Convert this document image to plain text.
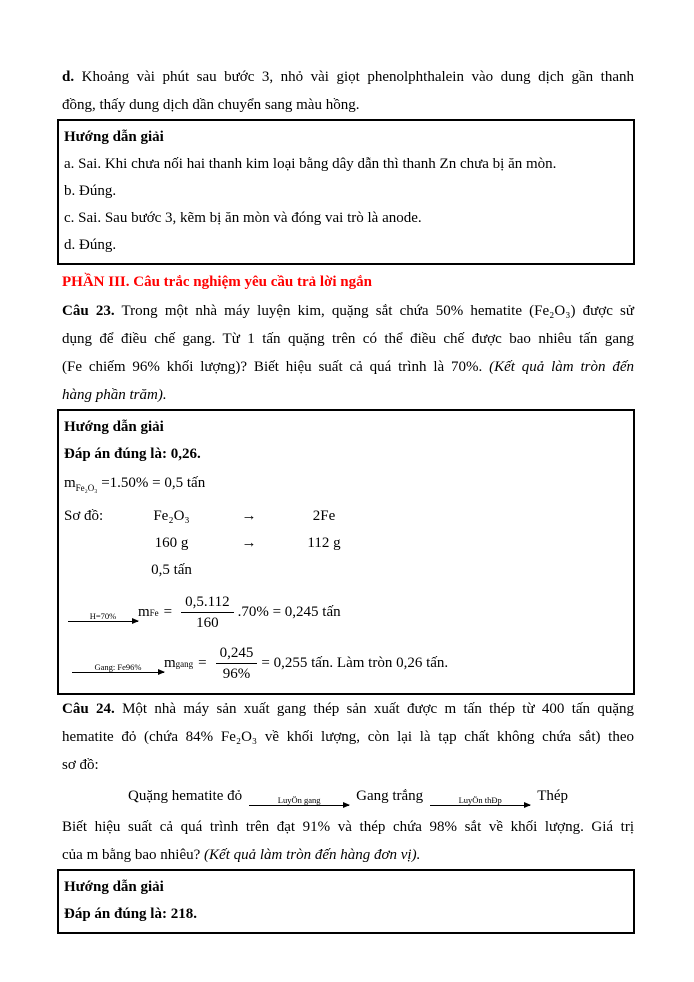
d. Khoảng vài phút sau bước 3, nhỏ vài giọt phenolphthalein vào dung dịch gần thanh
đồng, thấy dung dịch dần chuyển sang màu hồng.
Hướng dẫn giải
a. Sai. Khi chưa nối hai thanh kim loại bằng dây dẫn thì thanh Zn chưa bị ăn mòn.
b. Đúng.
c. Sai. Sau bước 3, kẽm bị ăn mòn và đóng vai trò là anode.
d. Đúng.
PHẦN III. Câu trắc nghiệm yêu cầu trả lời ngắn
Câu 23. Trong một nhà máy luyện kim, quặng sắt chứa 50% hematite (Fe₂O₃) được sử
dụng để điều chế gang. Từ 1 tấn quặng trên có thể điều chế được bao nhiêu tấn gang
(Fe chiếm 96% khối lượng)? Biết hiệu suất cả quá trình là 70%. (Kết quả làm tròn đến
hàng phần trăm).
Hướng dẫn giải
Đáp án đúng là: 0,26.
$m_{Fe_2O_3} =1.50\% = 0,5$ tấn
Sơ đồ:	Fe₂O₃	→	2Fe
160 g	→	112 g
0,5 tấn
H=70%	m $Fe = \frac{0,5.112}{160} .70\% = 0,245$ tấn
Gang: Fe96%	m gang = $\frac{0,245}{96\%} = 0,255$ tấn. Làm tròn 0,26 tấn.
Câu 24. Một nhà máy sản xuất gang thép sản xuất được m tấn thép từ 400 tấn quặng
hematite đỏ (chứa 84% Fe₂O₃ về khối lượng, còn lại là tạp chất không chứa sắt) theo
sơ đồ:
Quặng hematite đỏ	LuyÖn gang	Gang trắng	LuyÖn thÐp	Thép
Biết hiệu suất cả quá trình trên đạt 91% và thép chứa 98% sắt về khối lượng. Giá trị
của m bằng bao nhiêu? (Kết quả làm tròn đến hàng đơn vị).
Hướng dẫn giải
Đáp án đúng là: 218.
